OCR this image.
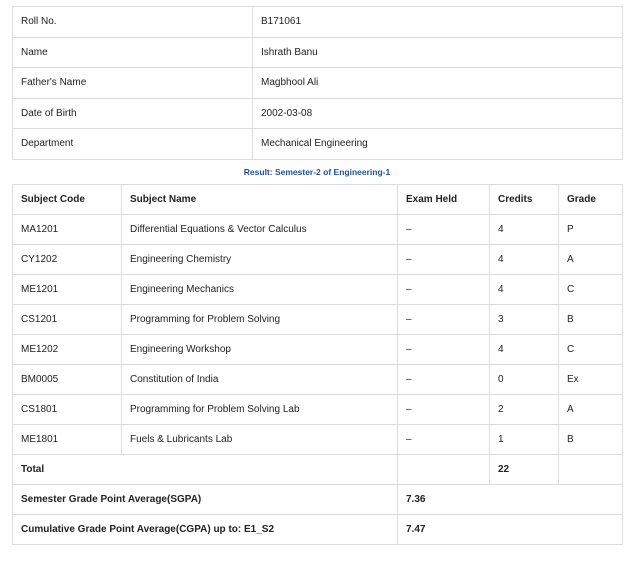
Roll No.	B171061
Name	Ishrath Banu
Father's Name	Magbhool Ali
Date of Birth	2002-03-08
Department	Mechanical Engineering
Result: Semester-2 of Engineering-1
Subject Code	Subject Name	Exam Held	Credits	Grade
MA1201	Differential Equations & Vector Calculus	–	4	P
CY1202	Engineering Chemistry	–	4	A
ME1201	Engineering Mechanics	–	4	C
CS1201	Programming for Problem Solving	–	3	B
ME1202	Engineering Workshop	–	4	C
BM0005	Constitution of India	–	0	Ex
CS1801	Programming for Problem Solving Lab	–	2	A
ME1801	Fuels & Lubricants Lab	–	1	B
Total			22	
Semester Grade Point Average(SGPA)		7.36		
Cumulative Grade Point Average(CGPA) up to: E1_S2		7.47		
